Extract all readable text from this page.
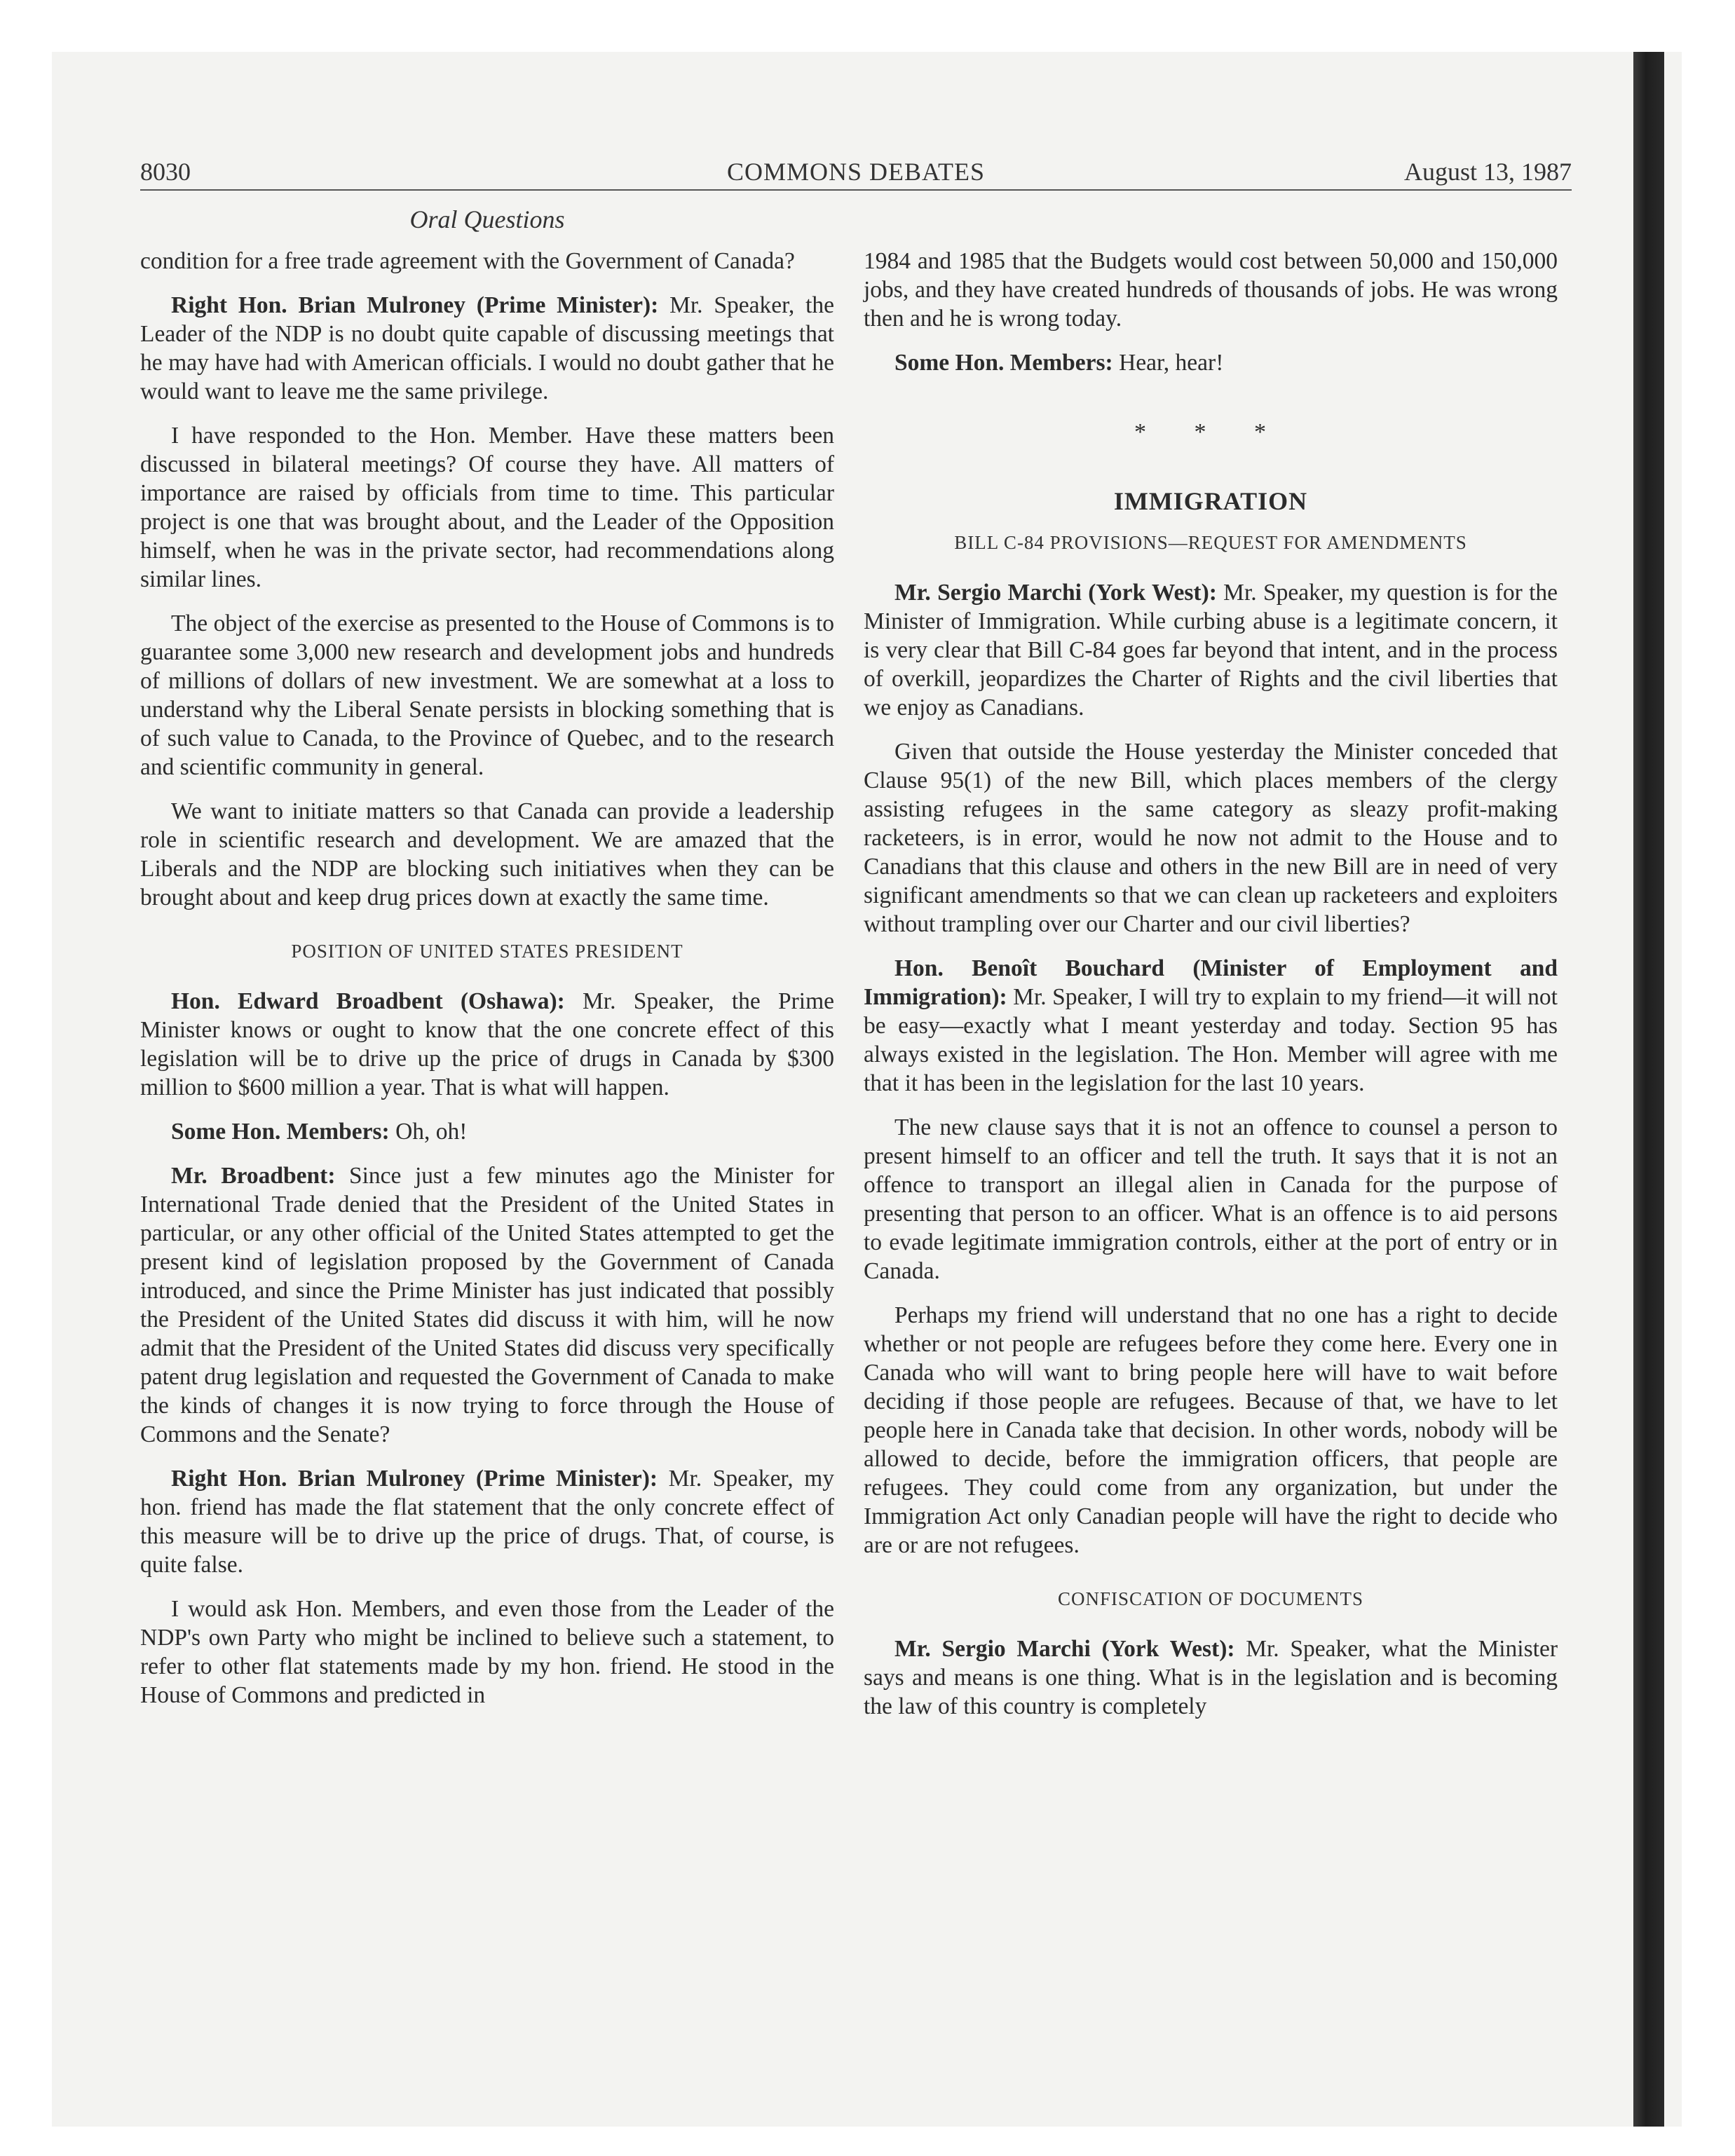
8030	COMMONS DEBATES	August 13, 1987
Oral Questions

condition for a free trade agreement with the Government of Canada?

Right Hon. Brian Mulroney (Prime Minister): Mr. Speaker, the Leader of the NDP is no doubt quite capable of discussing meetings that he may have had with American officials. I would no doubt gather that he would want to leave me the same privilege.

I have responded to the Hon. Member. Have these matters been discussed in bilateral meetings? Of course they have. All matters of importance are raised by officials from time to time. This particular project is one that was brought about, and the Leader of the Opposition himself, when he was in the private sector, had recommendations along similar lines.

The object of the exercise as presented to the House of Commons is to guarantee some 3,000 new research and development jobs and hundreds of millions of dollars of new investment. We are somewhat at a loss to understand why the Liberal Senate persists in blocking something that is of such value to Canada, to the Province of Quebec, and to the research and scientific community in general.

We want to initiate matters so that Canada can provide a leadership role in scientific research and development. We are amazed that the Liberals and the NDP are blocking such initiatives when they can be brought about and keep drug prices down at exactly the same time.

POSITION OF UNITED STATES PRESIDENT

Hon. Edward Broadbent (Oshawa): Mr. Speaker, the Prime Minister knows or ought to know that the one concrete effect of this legislation will be to drive up the price of drugs in Canada by $300 million to $600 million a year. That is what will happen.

Some Hon. Members: Oh, oh!

Mr. Broadbent: Since just a few minutes ago the Minister for International Trade denied that the President of the United States in particular, or any other official of the United States attempted to get the present kind of legislation proposed by the Government of Canada introduced, and since the Prime Minister has just indicated that possibly the President of the United States did discuss it with him, will he now admit that the President of the United States did discuss very specifically patent drug legislation and requested the Government of Canada to make the kinds of changes it is now trying to force through the House of Commons and the Senate?

Right Hon. Brian Mulroney (Prime Minister): Mr. Speaker, my hon. friend has made the flat statement that the only concrete effect of this measure will be to drive up the price of drugs. That, of course, is quite false.

I would ask Hon. Members, and even those from the Leader of the NDP's own Party who might be inclined to believe such a statement, to refer to other flat statements made by my hon. friend. He stood in the House of Commons and predicted in

1984 and 1985 that the Budgets would cost between 50,000 and 150,000 jobs, and they have created hundreds of thousands of jobs. He was wrong then and he is wrong today.

Some Hon. Members: Hear, hear!

* * *
IMMIGRATION
BILL C-84 PROVISIONS—REQUEST FOR AMENDMENTS

Mr. Sergio Marchi (York West): Mr. Speaker, my question is for the Minister of Immigration. While curbing abuse is a legitimate concern, it is very clear that Bill C-84 goes far beyond that intent, and in the process of overkill, jeopardizes the Charter of Rights and the civil liberties that we enjoy as Canadians.

Given that outside the House yesterday the Minister conceded that Clause 95(1) of the new Bill, which places members of the clergy assisting refugees in the same category as sleazy profit-making racketeers, is in error, would he now not admit to the House and to Canadians that this clause and others in the new Bill are in need of very significant amendments so that we can clean up racketeers and exploiters without trampling over our Charter and our civil liberties?

Hon. Benoît Bouchard (Minister of Employment and Immigration): Mr. Speaker, I will try to explain to my friend—it will not be easy—exactly what I meant yesterday and today. Section 95 has always existed in the legislation. The Hon. Member will agree with me that it has been in the legislation for the last 10 years.

The new clause says that it is not an offence to counsel a person to present himself to an officer and tell the truth. It says that it is not an offence to transport an illegal alien in Canada for the purpose of presenting that person to an officer. What is an offence is to aid persons to evade legitimate immigration controls, either at the port of entry or in Canada.

Perhaps my friend will understand that no one has a right to decide whether or not people are refugees before they come here. Every one in Canada who will want to bring people here will have to wait before deciding if those people are refugees. Because of that, we have to let people here in Canada take that decision. In other words, nobody will be allowed to decide, before the immigration officers, that people are refugees. They could come from any organization, but under the Immigration Act only Canadian people will have the right to decide who are or are not refugees.

CONFISCATION OF DOCUMENTS

Mr. Sergio Marchi (York West): Mr. Speaker, what the Minister says and means is one thing. What is in the legislation and is becoming the law of this country is completely
